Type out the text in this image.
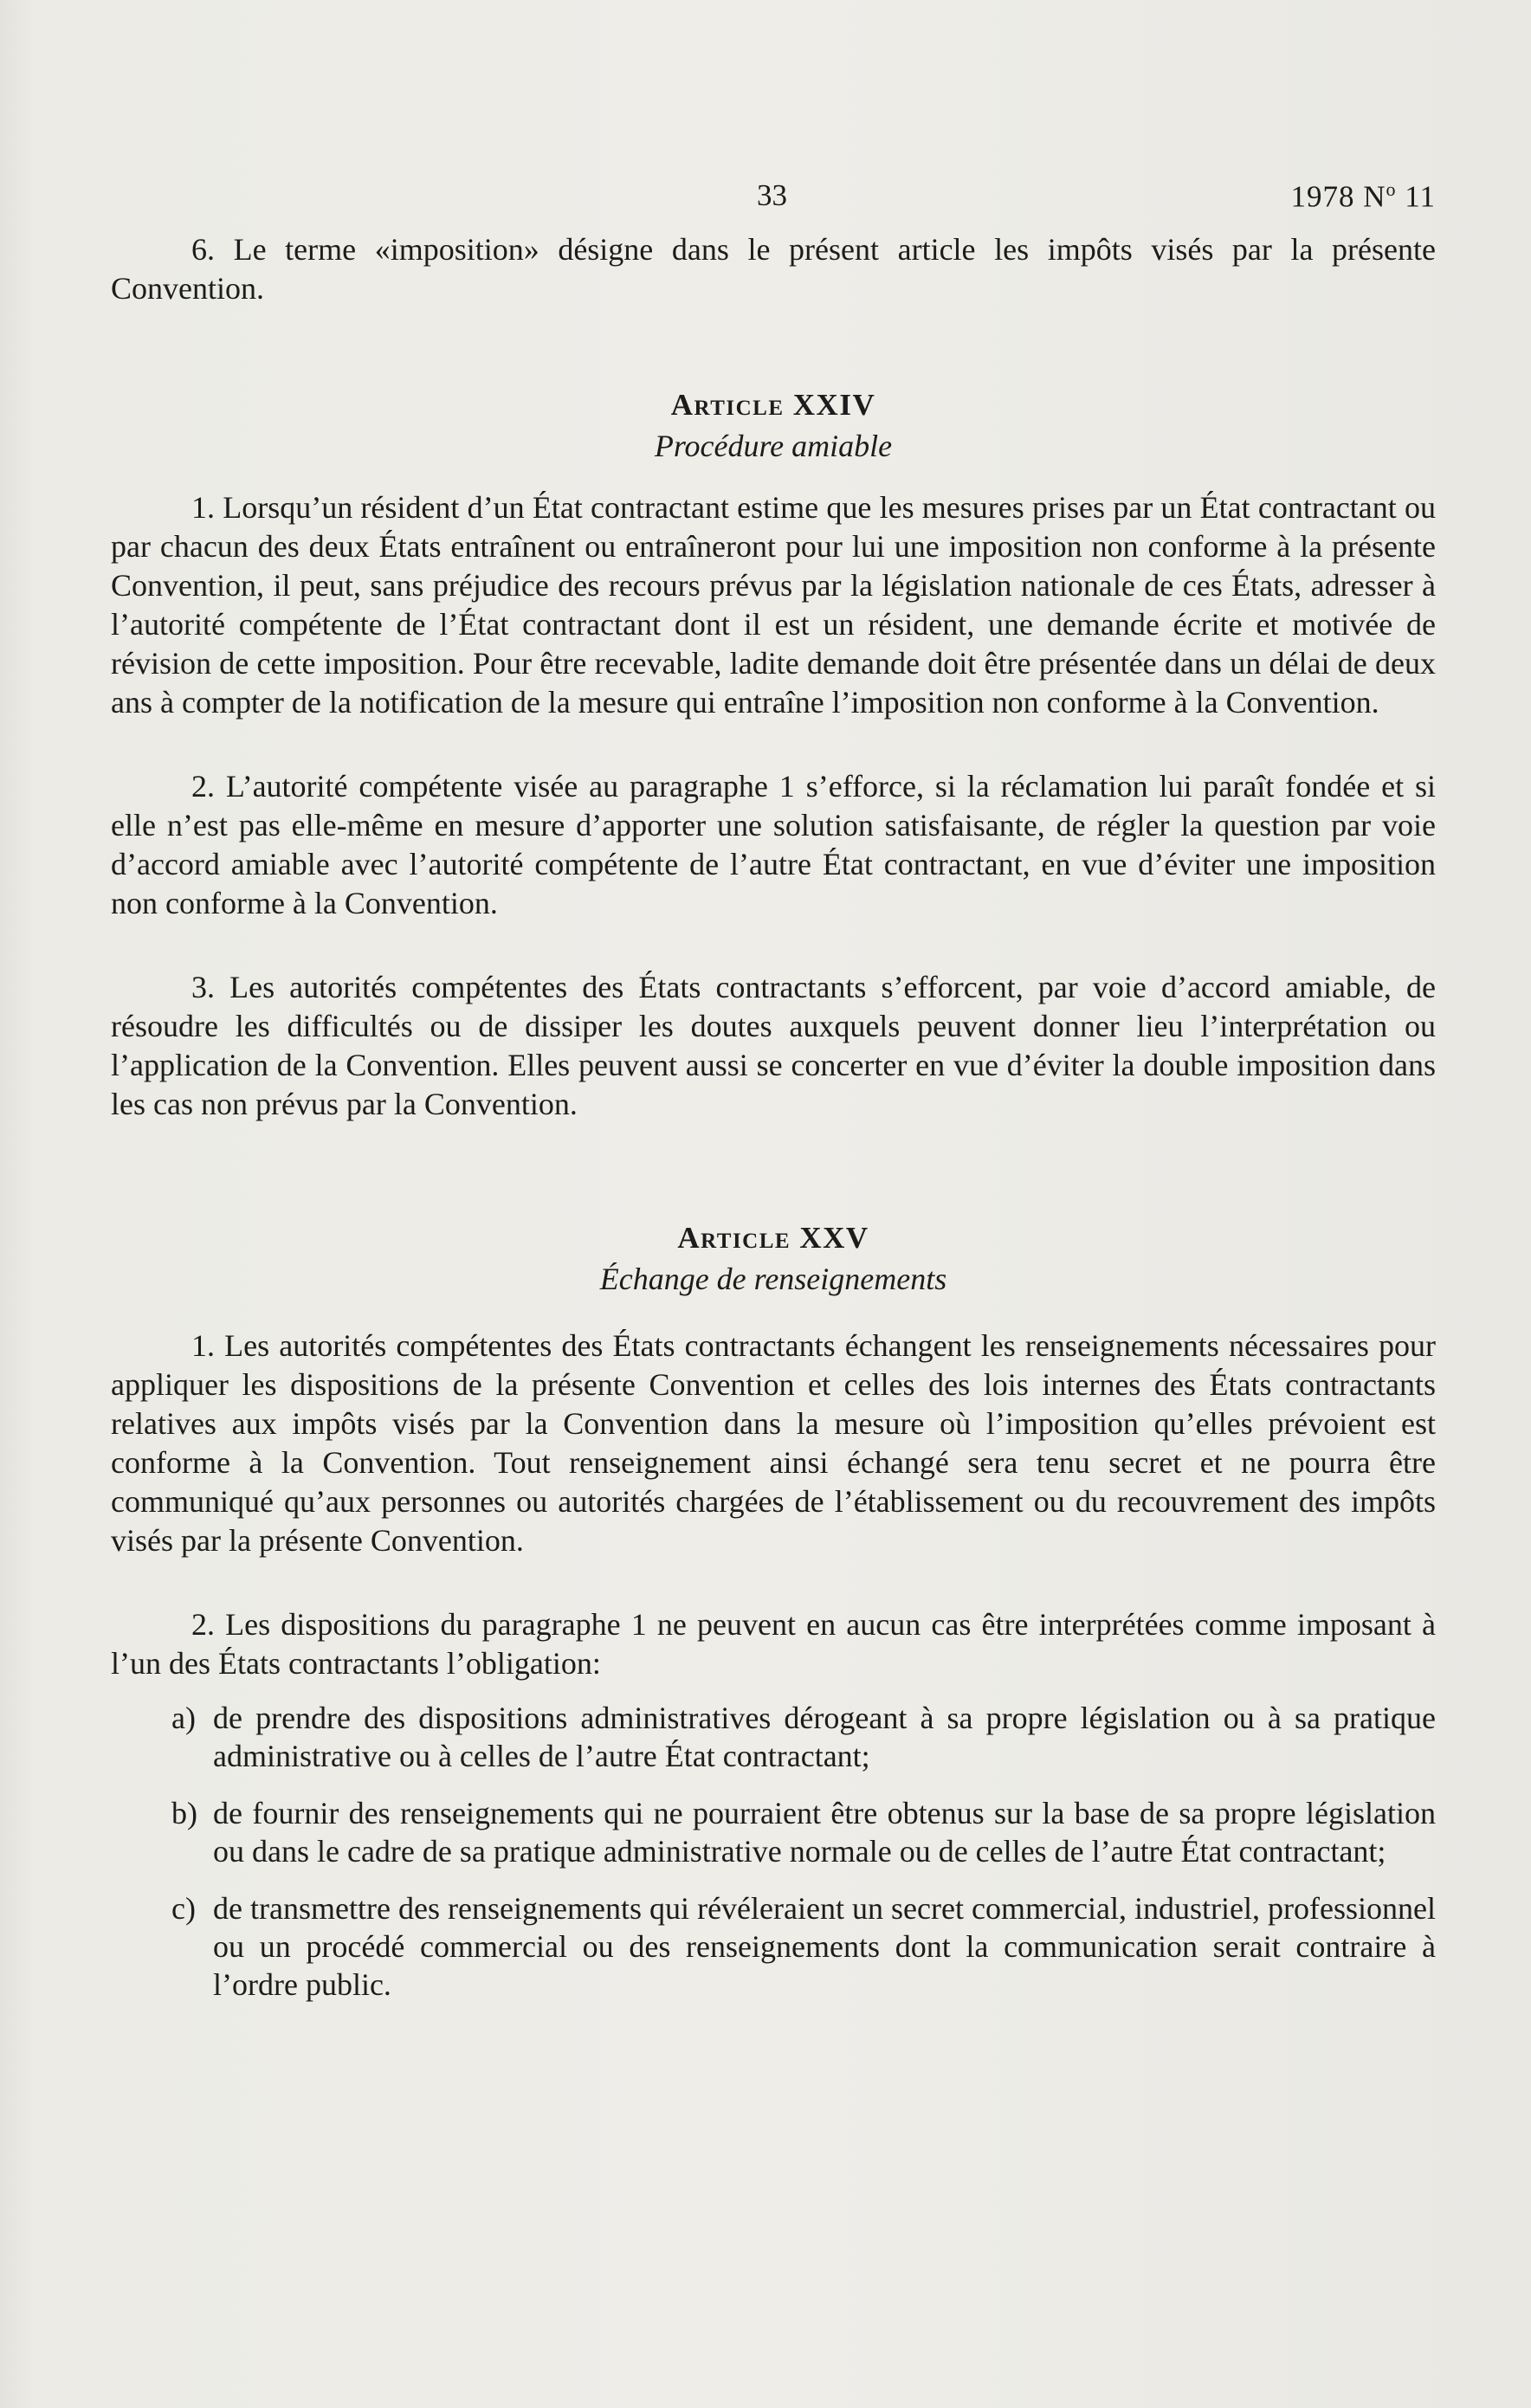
33	1978 $N^o$ 11

6. Le terme «imposition» désigne dans le présent article les impôts visés par la présente Convention.

Article XXIV
Procédure amiable

1. Lorsqu’un résident d’un État contractant estime que les mesures prises par un État contractant ou par chacun des deux États entraînent ou entraîneront pour lui une imposition non conforme à la présente Convention, il peut, sans préjudice des recours prévus par la législation nationale de ces États, adresser à l’autorité compétente de l’État contractant dont il est un résident, une demande écrite et motivée de révision de cette imposition. Pour être recevable, ladite demande doit être présentée dans un délai de deux ans à compter de la notification de la mesure qui entraîne l’imposition non conforme à la Convention.

2. L’autorité compétente visée au paragraphe 1 s’efforce, si la réclamation lui paraît fondée et si elle n’est pas elle-même en mesure d’apporter une solution satisfaisante, de régler la question par voie d’accord amiable avec l’autorité compétente de l’autre État contractant, en vue d’éviter une imposition non conforme à la Convention.

3. Les autorités compétentes des États contractants s’efforcent, par voie d’accord amiable, de résoudre les difficultés ou de dissiper les doutes auxquels peuvent donner lieu l’interprétation ou l’application de la Convention. Elles peuvent aussi se concerter en vue d’éviter la double imposition dans les cas non prévus par la Convention.

Article XXV
Échange de renseignements

1. Les autorités compétentes des États contractants échangent les renseignements nécessaires pour appliquer les dispositions de la présente Convention et celles des lois internes des États contractants relatives aux impôts visés par la Convention dans la mesure où l’imposition qu’elles prévoient est conforme à la Convention. Tout renseignement ainsi échangé sera tenu secret et ne pourra être communiqué qu’aux personnes ou autorités chargées de l’établissement ou du recouvrement des impôts visés par la présente Convention.

2. Les dispositions du paragraphe 1 ne peuvent en aucun cas être interprétées comme imposant à l’un des États contractants l’obligation:

a) de prendre des dispositions administratives dérogeant à sa propre législation ou à sa pratique administrative ou à celles de l’autre État contractant;
b) de fournir des renseignements qui ne pourraient être obtenus sur la base de sa propre législation ou dans le cadre de sa pratique administrative normale ou de celles de l’autre État contractant;
c) de transmettre des renseignements qui révéleraient un secret commercial, industriel, professionnel ou un procédé commercial ou des renseignements dont la communication serait contraire à l’ordre public.
